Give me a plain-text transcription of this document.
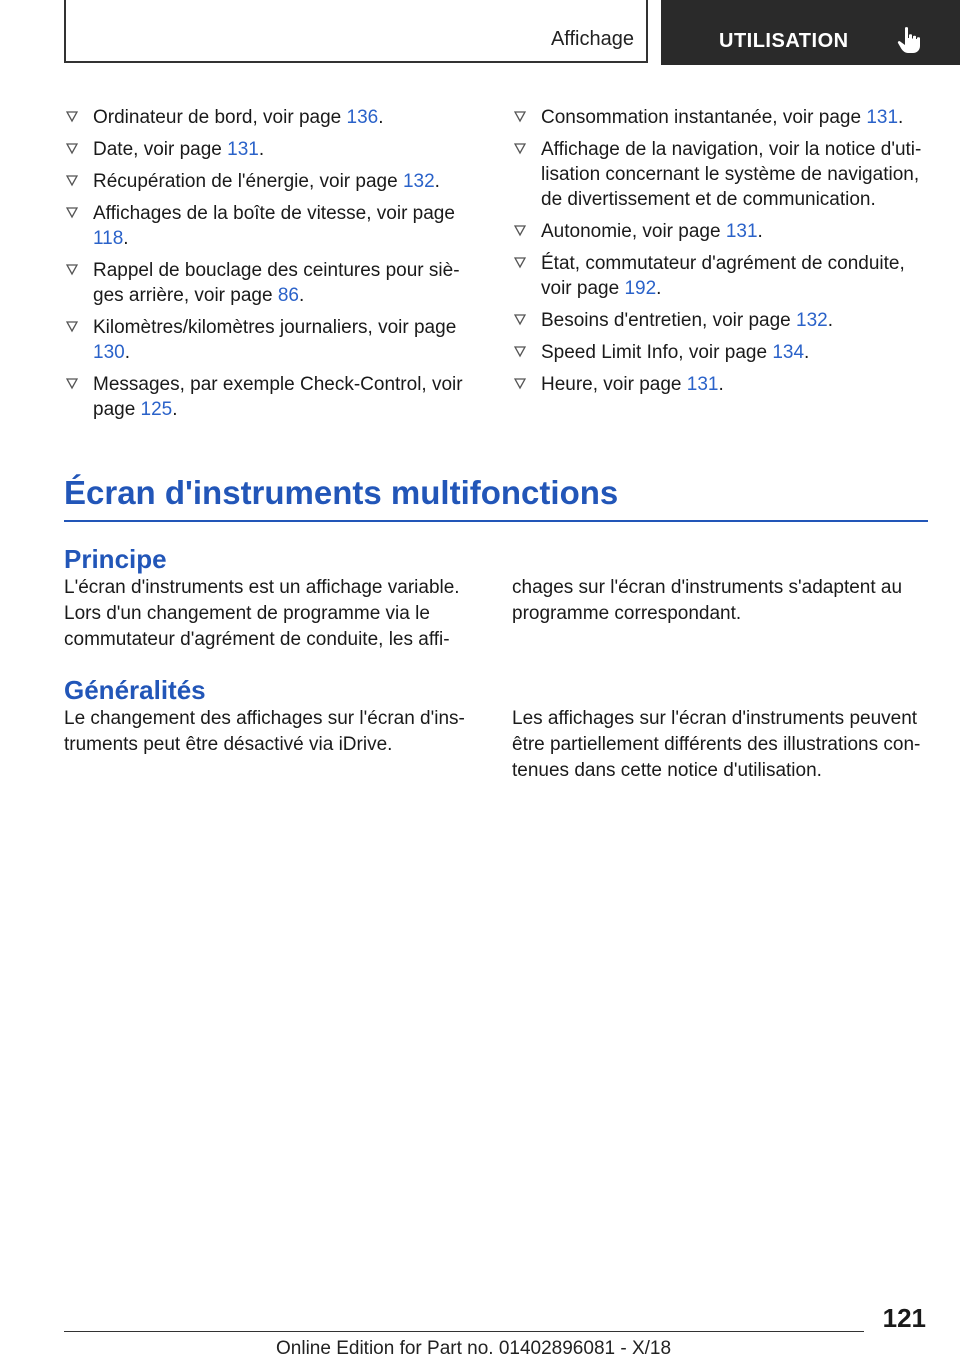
Affichage	UTILISATION
Ordinateur de bord, voir page 136.
Date, voir page 131.
Récupération de l'énergie, voir page 132.
Affichages de la boîte de vitesse, voir page 118.
Rappel de bouclage des ceintures pour sièges arrière, voir page 86.
Kilomètres/kilomètres journaliers, voir page 130.
Messages, par exemple Check-Control, voir page 125.
Consommation instantanée, voir page 131.
Affichage de la navigation, voir la notice d'utilisation concernant le système de navigation, de divertissement et de communication.
Autonomie, voir page 131.
État, commutateur d'agrément de conduite, voir page 192.
Besoins d'entretien, voir page 132.
Speed Limit Info, voir page 134.
Heure, voir page 131.
Écran d'instruments multifonctions
Principe
L'écran d'instruments est un affichage variable. Lors d'un changement de programme via le commutateur d'agrément de conduite, les affi-
chages sur l'écran d'instruments s'adaptent au programme correspondant.
Généralités
Le changement des affichages sur l'écran d'instruments peut être désactivé via iDrive.
Les affichages sur l'écran d'instruments peuvent être partiellement différents des illustrations contenues dans cette notice d'utilisation.
121
Online Edition for Part no. 01402896081 - X/18
